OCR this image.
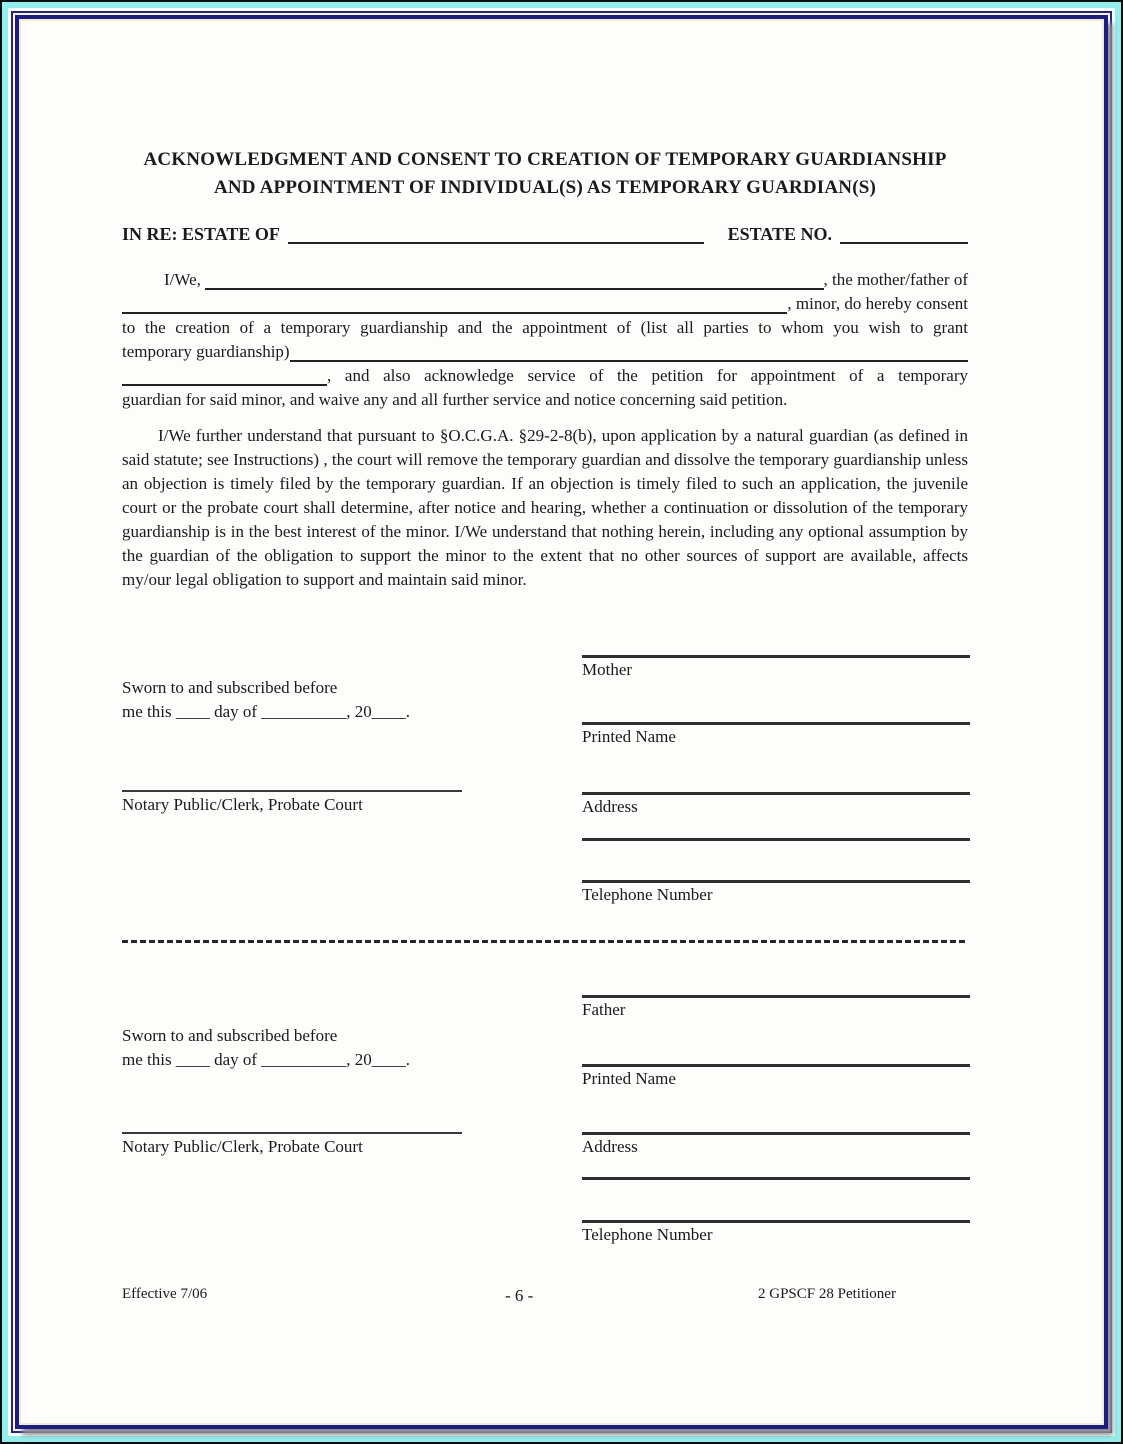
ACKNOWLEDGMENT AND CONSENT TO CREATION OF TEMPORARY GUARDIANSHIP
AND APPOINTMENT OF INDIVIDUAL(S) AS TEMPORARY GUARDIAN(S)
IN RE: ESTATE OF	ESTATE NO.
I/We,	, the mother/father of
, minor, do hereby consent
to the creation of a temporary guardianship and the appointment of (list all parties to whom you wish to grant
temporary guardianship)
, and also acknowledge service of the petition for appointment of a temporary
guardian for said minor, and waive any and all further service and notice concerning said petition.
I/We further understand that pursuant to §O.C.G.A. §29-2-8(b), upon application by a natural guardian (as defined in said statute; see Instructions) , the court will remove the temporary guardian and dissolve the temporary guardianship unless an objection is timely filed by the temporary guardian. If an objection is timely filed to such an application, the juvenile court or the probate court shall determine, after notice and hearing, whether a continuation or dissolution of the temporary guardianship is in the best interest of the minor. I/We understand that nothing herein, including any optional assumption by the guardian of the obligation to support the minor to the extent that no other sources of support are available, affects my/our legal obligation to support and maintain said minor.
Mother
Sworn to and subscribed before
me this ____ day of __________, 20____.
Printed Name
Notary Public/Clerk, Probate Court	Address
Telephone Number
Father
Sworn to and subscribed before
me this ____ day of __________, 20____.
Printed Name
Notary Public/Clerk, Probate Court	Address
Telephone Number
Effective 7/06	- 6 -	2 GPSCF 28 Petitioner
